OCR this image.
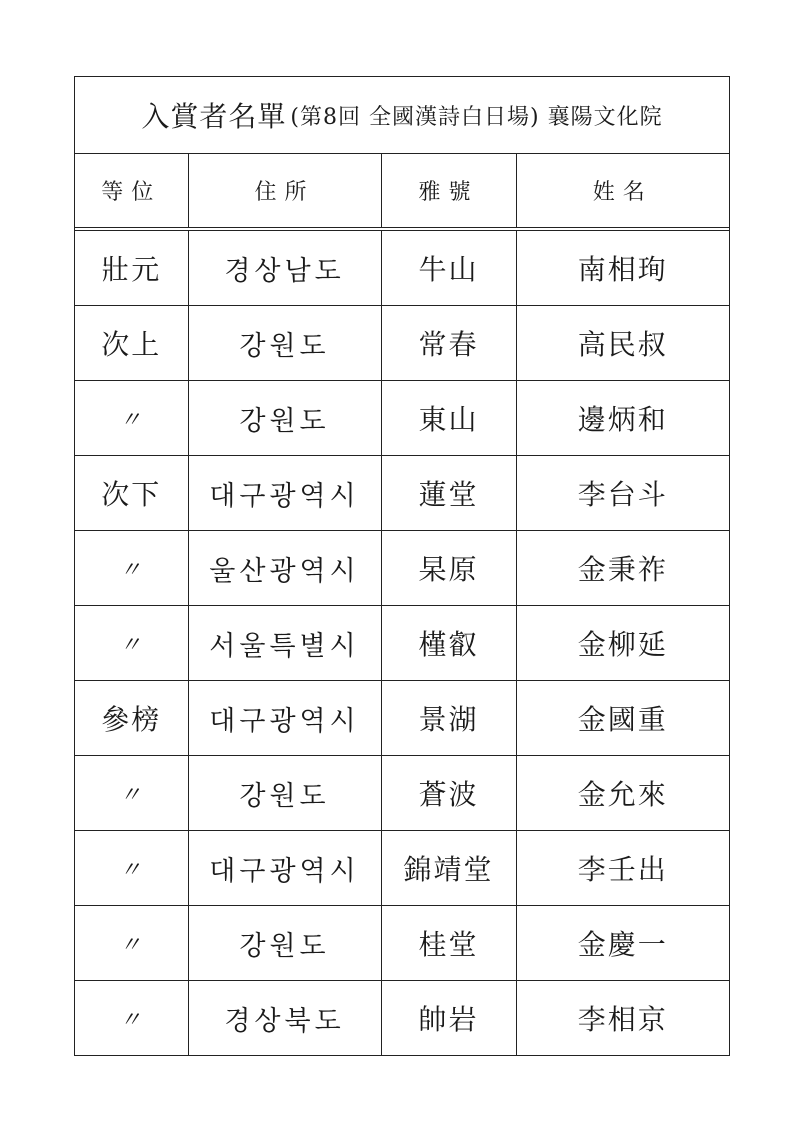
入賞者名單 (第8回 全國漢詩白日場) 襄陽文化院
等位	住所	雅號	姓名
壯元	경상남도	牛山	南相珣
次上	강원도	常春	高民叔
〃	강원도	東山	邊炳和
次下	대구광역시	蓮堂	李台斗
〃	울산광역시	杲原	金秉祚
〃	서울특별시	槿叡	金柳延
參榜	대구광역시	景湖	金國重
〃	강원도	蒼波	金允來
〃	대구광역시	錦靖堂	李壬出
〃	강원도	桂堂	金慶一
〃	경상북도	帥岩	李相京
